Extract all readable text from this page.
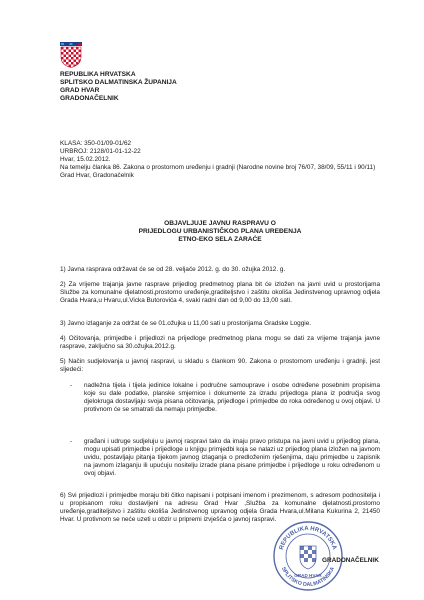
REPUBLIKA HRVATSKA
SPLITSKO DALMATINSKA ŽUPANIJA
GRAD HVAR
GRADONAČELNIK
KLASA: 350-01/09-01/62
URBROJ: 2128/01-01-12-22
Hvar, 15.02.2012.
Na temelju članka 86. Zakona o prostornom uređenju i gradnji (Narodne novine broj 76/07, 38/09, 55/11 i 90/11) Grad Hvar, Gradonačelnik
OBJAVLJUJE JAVNU RASPRAVU O
PRIJEDLOGU URBANISTIČKOG PLANA UREĐENJA
ETNO-EKO SELA ZARAĆE
1) Javna rasprava održavat će se od 28. veljače 2012. g. do 30. ožujka 2012. g.
2) Za vrijeme trajanja javne rasprave prijedlog predmetnog plana bit će izložen na javni uvid u prostorijama Službe za komunalne djelatnosti,prostorno uređenje,graditeljstvo i zaštitu okoliša Jedinstvenog upravnog odjela Grada Hvara,u Hvaru,ul.Vicka Butorovića 4, svaki radni dan od 9,00 do 13,00 sati.
3) Javno izlaganje za održat će se 01.ožujka u 11,00 sati u prostorijama Gradske Loggie.
4) Očitovanja, primjedbe i prijedlozi na prijedloge predmetnog plana mogu se dati za vrijeme trajanja javne rasprave, zaključno sa 30.ožujka.2012.g.
5) Način sudjelovanja u javnoj raspravi, u skladu s člankom 90. Zakona o prostornom uređenju i gradnji, jest sljedeći:
- nadležna tijela i tijela jedinice lokalne i područne samouprave i osobe određene posebnim propisima koje su dale podatke, planske smjernice i dokumente za izradu prijedloga plana iz područja svog djelokruga dostavljaju svoja pisana očitovanja, prijedloge i primjedbe do roka određenog u ovoj objavi. U protivnom će se smatrati da nemaju primjedbe.
- građani i udruge sudjeluju u javnoj raspravi tako da imaju pravo pristupa na javni uvid u prijedlog plana, mogu upisati primjedbe i prijedloge u knjigu primjedbi koja se nalazi uz prijedlog plana izložen na javnom uvidu, postavljaju pitanja tijekom javnog izlaganja o predloženim rješenjima, daju primjedbe u zapisnik na javnom izlaganju ili upućuju nositelju izrade plana pisane primjedbe i prijedloge u roku određenom u ovoj objavi.
6) Svi prijedlozi i primjedbe moraju biti čitko napisani i potpisani imenom i prezimenom, s adresom podnositelja i u propisanom roku dostavljeni na adresu Grad Hvar ,Služba za komunalne djelatnosti,prostorno uređenje,graditeljstvo i zaštitu okoliša Jedinstvenog upravnog odjela Grada Hvara,ul.Milana Kukurina 2, 21450 Hvar. U protivnom se neće uzeti u obzir u pripremi izvješća o javnoj raspravi.
REPUBLIKA HRVATSKA
SPLITSKO DALMATINSKA
GRAD HVAR
GRADONAČELNIK
